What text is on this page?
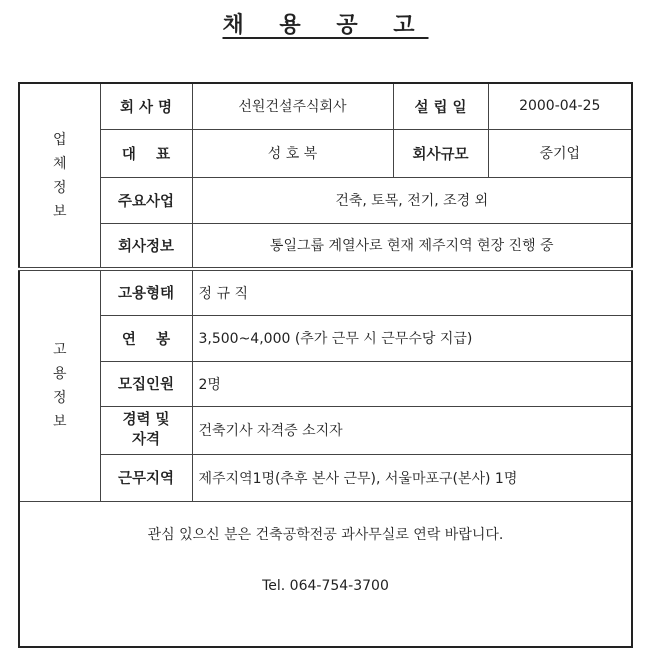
채 용 공 고
업체정보	회 사 명	선원건설주식회사	설 립 일	2000-04-25
	대    표	성 호 복	회사규모	중기업
	주요사업	건축, 토목, 전기, 조경 외		
	회사정보	통일그룹 계열사로 현재 제주지역 현장 진행 중		
고용정보	고용형태	정 규 직		
	연    봉	3,500~4,000 (추가 근무 시 근무수당 지급)		
	모집인원	2명		
	경력 및 자격	건축기사 자격증 소지자		
	근무지역	제주지역1명(추후 본사 근무), 서울마포구(본사) 1명		

관심 있으신 분은 건축공학전공 과사무실로 연락 바랍니다.
Tel. 064-754-3700				
